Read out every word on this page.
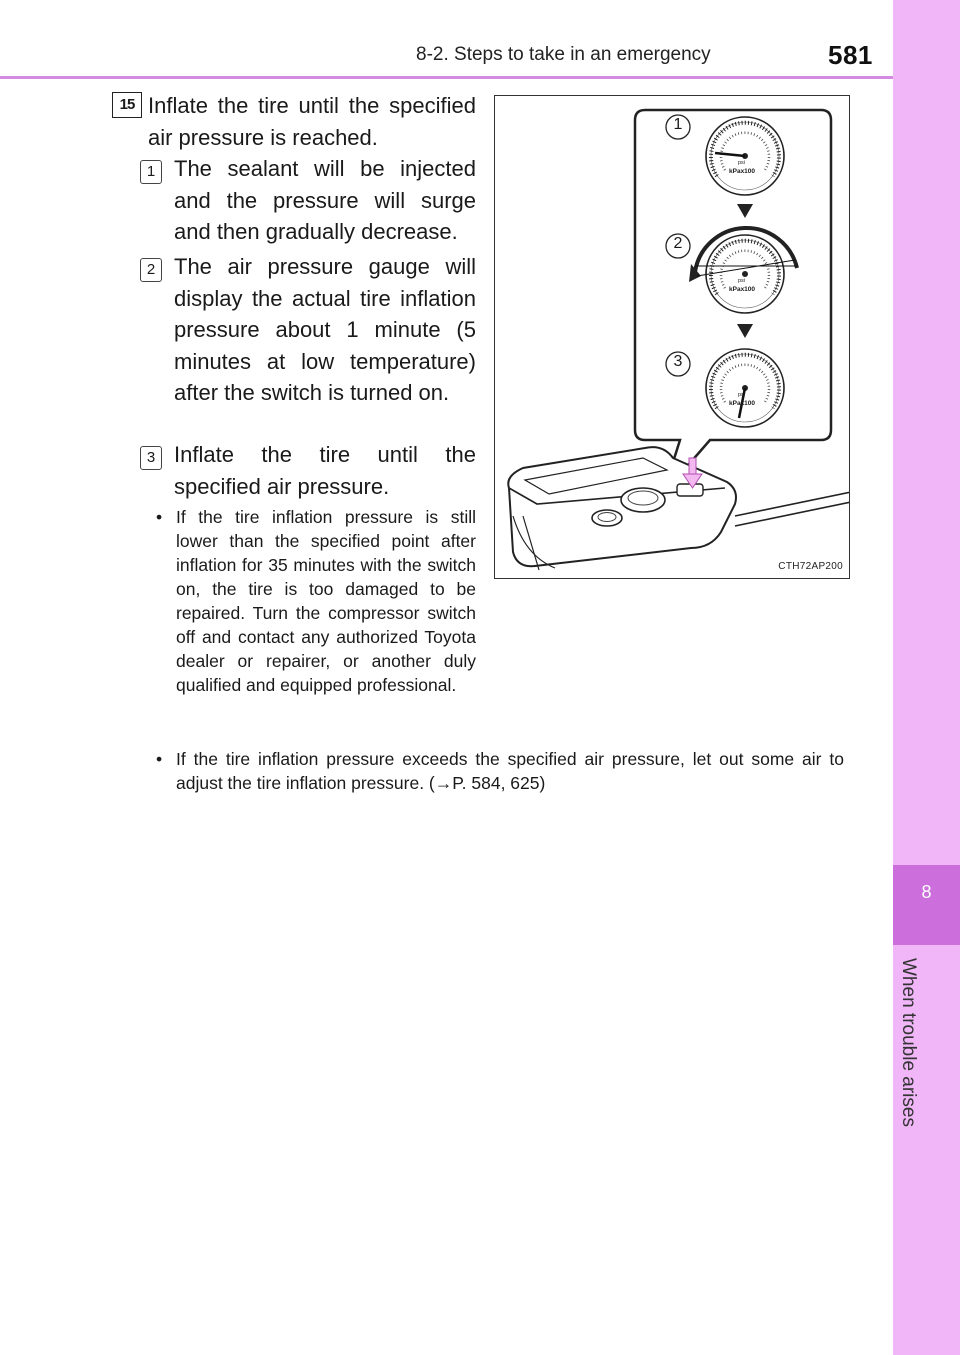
8-2. Steps to take in an emergency	581
8
When trouble arises
15 Inflate the tire until the specified air pressure is reached.
1 The sealant will be injected and the pressure will surge and then gradually decrease.
2 The air pressure gauge will display the actual tire inflation pressure about 1 minute (5 minutes at low temperature) after the switch is turned on.
3 Inflate the tire until the specified air pressure.
• If the tire inflation pressure is still lower than the specified point after inflation for 35 minutes with the switch on, the tire is too damaged to be repaired. Turn the compressor switch off and contact any authorized Toyota dealer or repairer, or another duly qualified and equipped professional.
• If the tire inflation pressure exceeds the specified air pressure, let out some air to adjust the tire inflation pressure. (→P. 584, 625)
1
2
3
kPax100
kPax100
kPax100
psi
psi
psi
CTH72AP200
